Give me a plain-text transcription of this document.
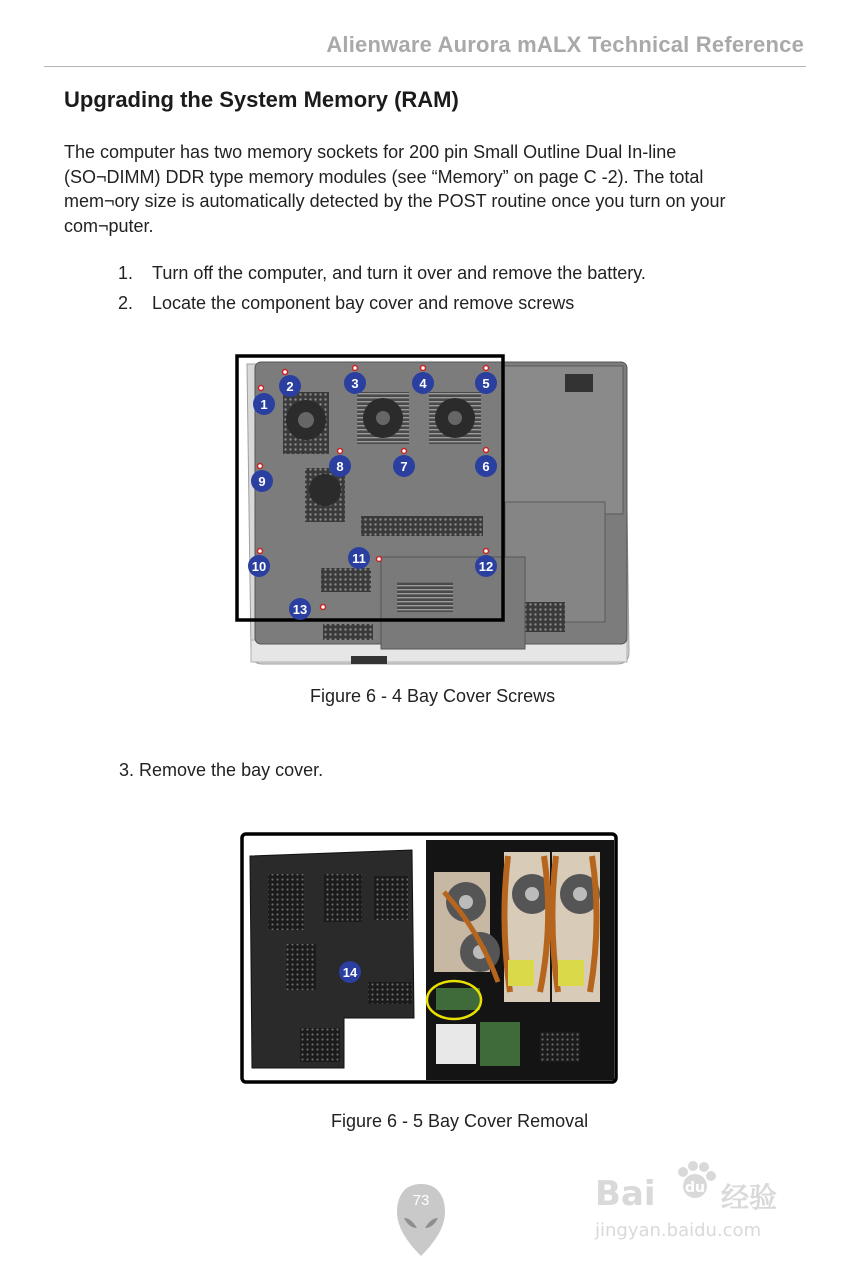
Alienware Aurora mALX Technical Reference
Upgrading the System Memory (RAM)
The computer has two memory sockets for 200 pin Small Outline Dual In-line (SO¬DIMM) DDR type memory modules (see “Memory” on page C -2). The total mem¬ory size is automatically detected by the POST routine once you turn on your com¬puter.
1. Turn off the computer, and turn it over and remove the battery.
2. Locate the component bay cover and remove screws
1
2	3	4	5
6
7
8
9
10
11
12
13
Figure 6 - 4 Bay Cover Screws
3. Remove the bay cover.
14
Figure 6 - 5 Bay Cover Removal
73	Bai du 经验
jingyan.baidu.com
